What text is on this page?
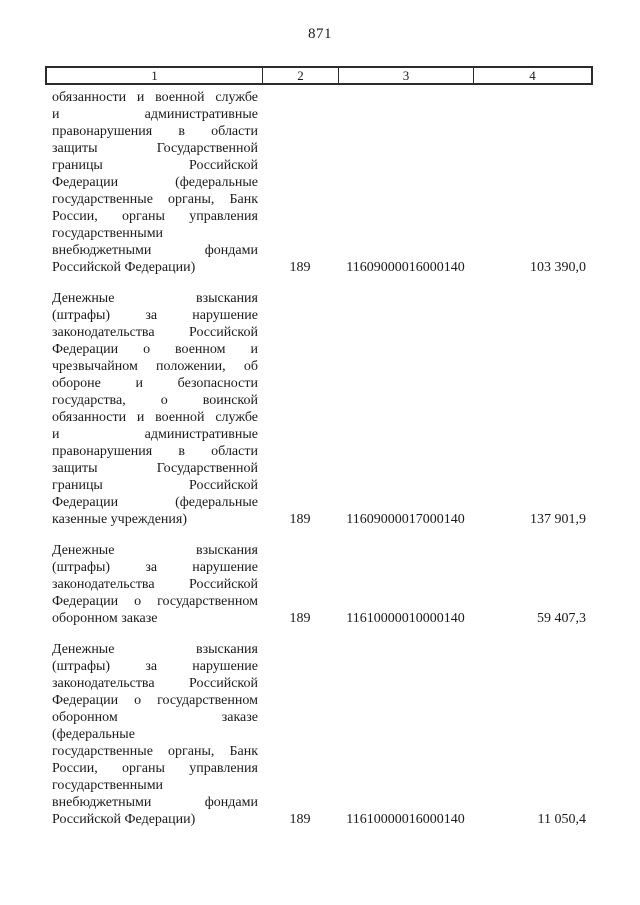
871
1	2	3	4
обязанности и военной службе
и	административные
правонарушения в области
защиты	Государственной
границы	Российской
Федерации	(федеральные
государственные органы, Банк
России, органы управления
государственными
внебюджетными	фондами
Российской Федерации)	189	11609000016000140	103 390,0
Денежные	взыскания
(штрафы)	за	нарушение
законодательства Российской
Федерации о военном и
чрезвычайном положении, об
обороне и безопасности
государства,	о	воинской
обязанности и военной службе
и	административные
правонарушения в области
защиты	Государственной
границы	Российской
Федерации	(федеральные
казенные учреждения)	189	11609000017000140	137 901,9
Денежные	взыскания
(штрафы)	за	нарушение
законодательства Российской
Федерации о государственном
оборонном заказе	189	11610000010000140	59 407,3
Денежные	взыскания
(штрафы)	за	нарушение
законодательства Российской
Федерации о государственном
оборонном	заказе
(федеральные
государственные органы, Банк
России, органы управления
государственными
внебюджетными	фондами
Российской Федерации)	189	11610000016000140	11 050,4
